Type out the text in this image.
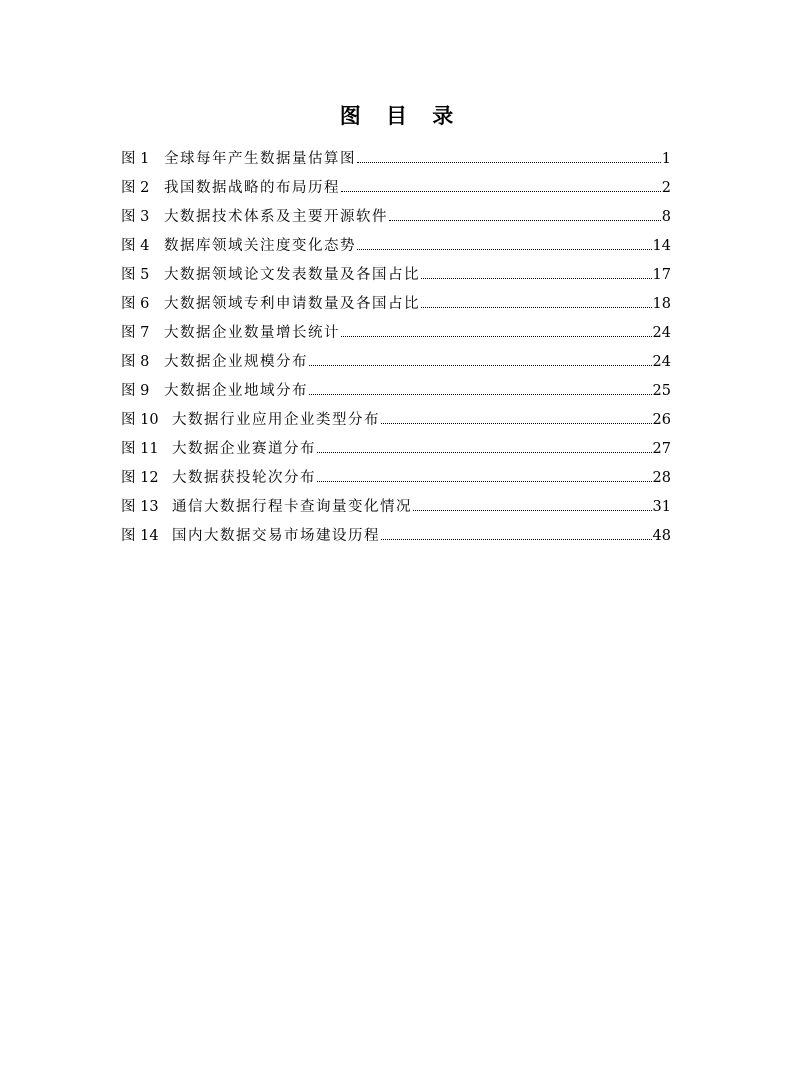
图 目 录
图 1	全球每年产生数据量估算图	1
图 2	我国数据战略的布局历程	2
图 3	大数据技术体系及主要开源软件	8
图 4	数据库领域关注度变化态势	14
图 5	大数据领域论文发表数量及各国占比	17
图 6	大数据领域专利申请数量及各国占比	18
图 7	大数据企业数量增长统计	24
图 8	大数据企业规模分布	24
图 9	大数据企业地域分布	25
图 10 大数据行业应用企业类型分布	26
图 11 大数据企业赛道分布	27
图 12 大数据获投轮次分布	28
图 13 通信大数据行程卡查询量变化情况	31
图 14 国内大数据交易市场建设历程	48
